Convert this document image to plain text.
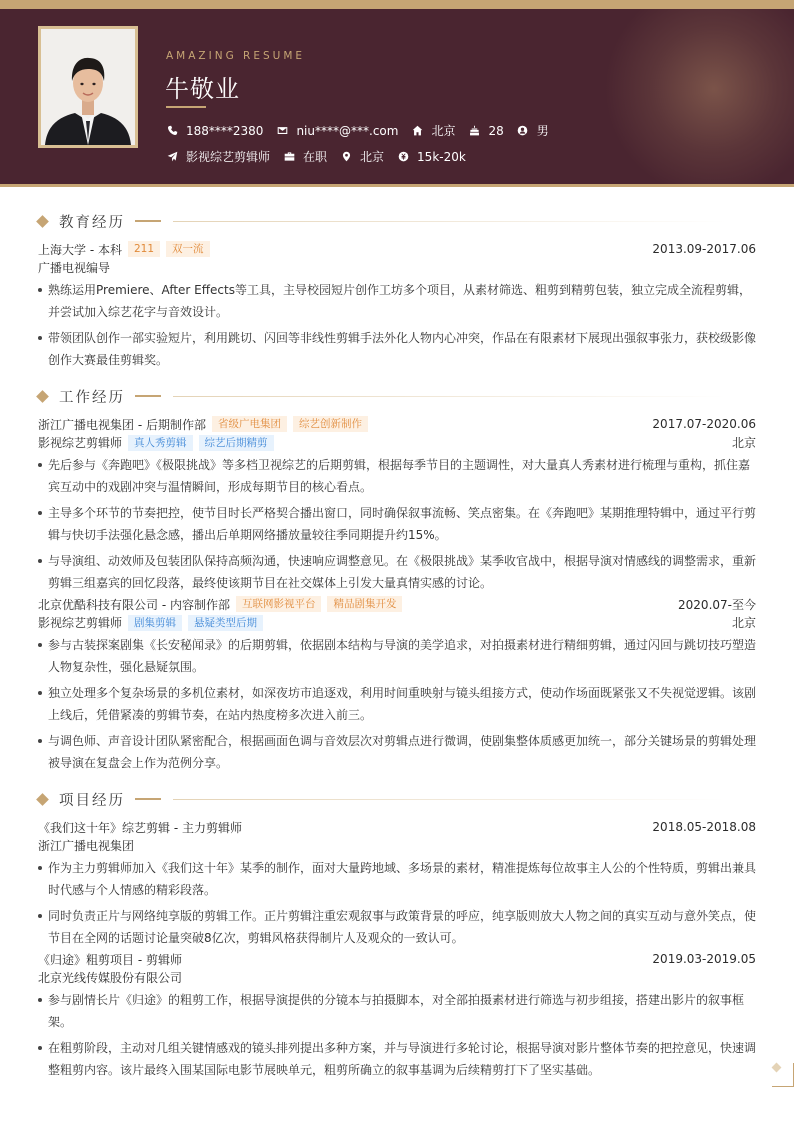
AMAZING RESUME
牛敬业
188****2380	niu****@***.com	北京	28	男
影视综艺剪辑师	在职	北京	15k-20k
教育经历
上海大学 - 本科	211	双一流	2013.09-2017.06
广播电视编导
熟练运用Premiere、After Effects等工具，主导校园短片创作工坊多个项目，从素材筛选、粗剪到精剪包装，独立完成全流程剪辑，并尝试加入综艺花字与音效设计。
带领团队创作一部实验短片，利用跳切、闪回等非线性剪辑手法外化人物内心冲突，作品在有限素材下展现出强叙事张力，获校级影像创作大赛最佳剪辑奖。
工作经历
浙江广播电视集团 - 后期制作部	省级广电集团	综艺创新制作	2017.07-2020.06
影视综艺剪辑师	真人秀剪辑	综艺后期精剪	北京
先后参与《奔跑吧》《极限挑战》等多档卫视综艺的后期剪辑，根据每季节目的主题调性，对大量真人秀素材进行梳理与重构，抓住嘉宾互动中的戏剧冲突与温情瞬间，形成每期节目的核心看点。
主导多个环节的节奏把控，使节目时长严格契合播出窗口，同时确保叙事流畅、笑点密集。在《奔跑吧》某期推理特辑中，通过平行剪辑与快切手法强化悬念感，播出后单期网络播放量较往季同期提升约15%。
与导演组、动效师及包装团队保持高频沟通，快速响应调整意见。在《极限挑战》某季收官战中，根据导演对情感线的调整需求，重新剪辑三组嘉宾的回忆段落，最终使该期节目在社交媒体上引发大量真情实感的讨论。
北京优酷科技有限公司 - 内容制作部	互联网影视平台	精品剧集开发	2020.07-至今
影视综艺剪辑师	剧集剪辑	悬疑类型后期	北京
参与古装探案剧集《长安秘闻录》的后期剪辑，依据剧本结构与导演的美学追求，对拍摄素材进行精细剪辑，通过闪回与跳切技巧塑造人物复杂性，强化悬疑氛围。
独立处理多个复杂场景的多机位素材，如深夜坊市追逐戏，利用时间重映射与镜头组接方式，使动作场面既紧张又不失视觉逻辑。该剧上线后，凭借紧凑的剪辑节奏，在站内热度榜多次进入前三。
与调色师、声音设计团队紧密配合，根据画面色调与音效层次对剪辑点进行微调，使剧集整体质感更加统一，部分关键场景的剪辑处理被导演在复盘会上作为范例分享。
项目经历
《我们这十年》综艺剪辑 - 主力剪辑师	2018.05-2018.08
浙江广播电视集团
作为主力剪辑师加入《我们这十年》某季的制作，面对大量跨地域、多场景的素材，精准提炼每位故事主人公的个性特质，剪辑出兼具时代感与个人情感的精彩段落。
同时负责正片与网络纯享版的剪辑工作。正片剪辑注重宏观叙事与政策背景的呼应，纯享版则放大人物之间的真实互动与意外笑点，使节目在全网的话题讨论量突破8亿次，剪辑风格获得制片人及观众的一致认可。
《归途》粗剪项目 - 剪辑师	2019.03-2019.05
北京光线传媒股份有限公司
参与剧情长片《归途》的粗剪工作，根据导演提供的分镜本与拍摄脚本，对全部拍摄素材进行筛选与初步组接，搭建出影片的叙事框架。
在粗剪阶段，主动对几组关键情感戏的镜头排列提出多种方案，并与导演进行多轮讨论，根据导演对影片整体节奏的把控意见，快速调整粗剪内容。该片最终入围某国际电影节展映单元，粗剪所确立的叙事基调为后续精剪打下了坚实基础。
